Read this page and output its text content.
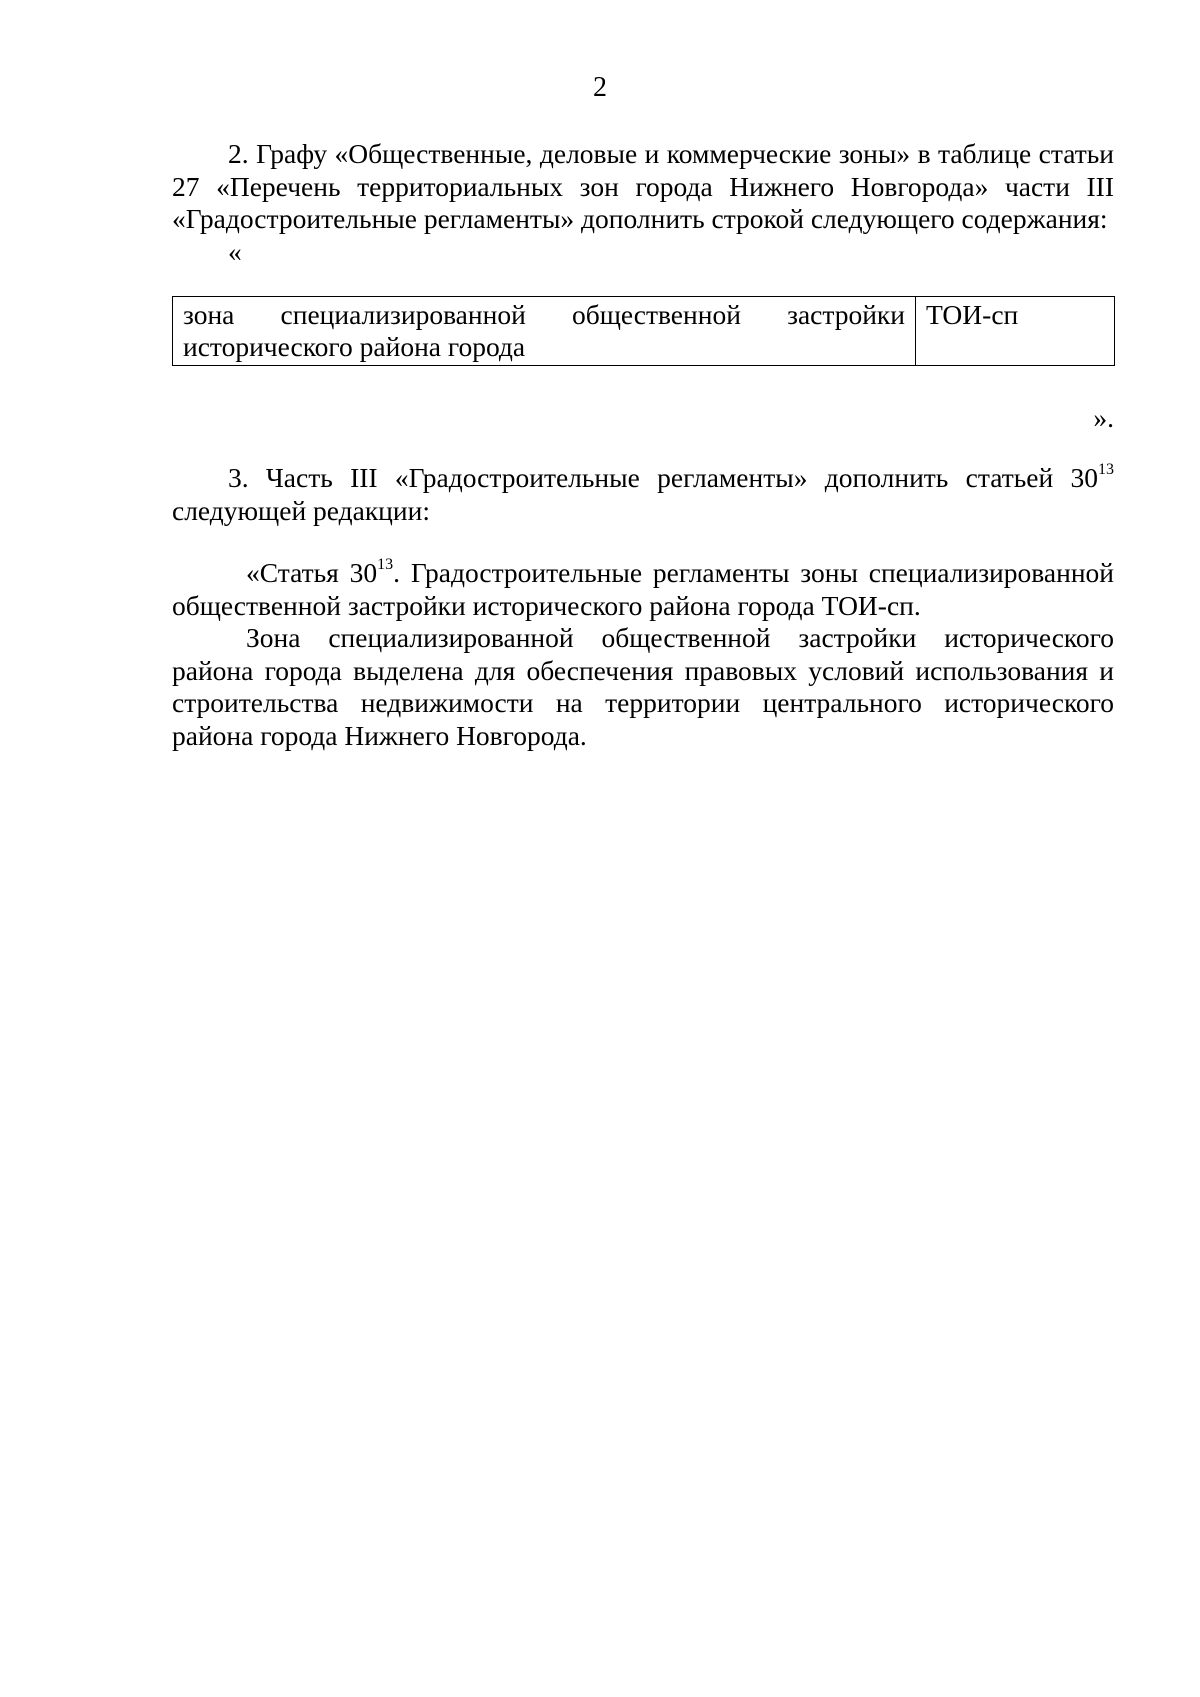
2

2. Графу «Общественные, деловые и коммерческие зоны» в таблице статьи 27 «Перечень территориальных зон города Нижнего Новгорода» части III «Градостроительные регламенты» дополнить строкой следующего содержания:

«

зона специализированной общественной застройки исторического района города	ТОИ-сп

».

3. Часть III «Градостроительные регламенты» дополнить статьей $30^{13}$ следующей редакции:

«Статья $30^{13}$. Градостроительные регламенты зоны специализированной общественной застройки исторического района города ТОИ-сп.

Зона специализированной общественной застройки исторического района города выделена для обеспечения правовых условий использования и строительства недвижимости на территории центрального исторического района города Нижнего Новгорода.
